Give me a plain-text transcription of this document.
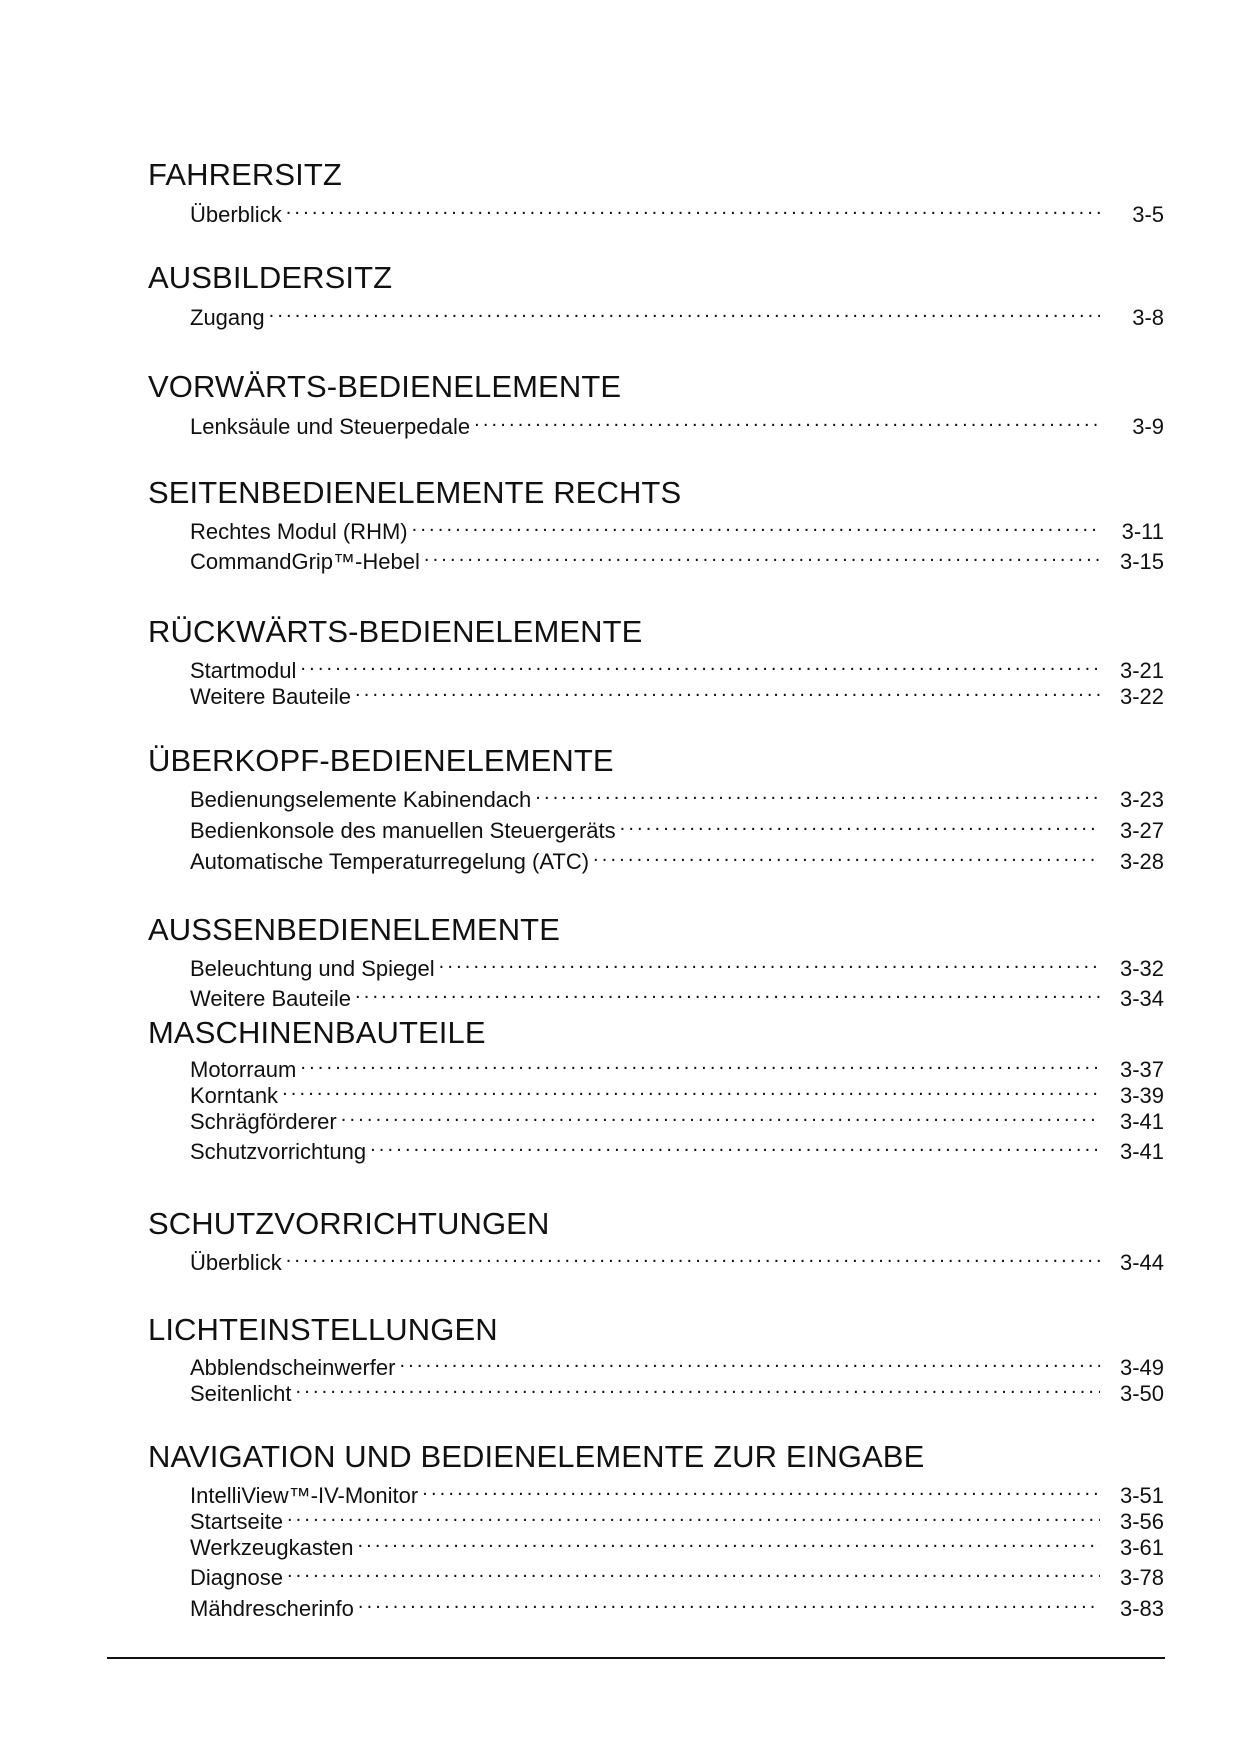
FAHRERSITZ
Überblick . . .	3-5
AUSBILDERSITZ
Zugang . . .	3-8
VORWÄRTS-BEDIENELEMENTE
Lenksäule und Steuerpedale . . .	3-9
SEITENBEDIENELEMENTE RECHTS
Rechtes Modul (RHM) . . .	3-11
CommandGrip™-Hebel . . .	3-15
RÜCKWÄRTS-BEDIENELEMENTE
Startmodul . . .	3-21
Weitere Bauteile . . .	3-22
ÜBERKOPF-BEDIENELEMENTE
Bedienungselemente Kabinendach . . .	3-23
Bedienkonsole des manuellen Steuergeräts . . .	3-27
Automatische Temperaturregelung (ATC) . . .	3-28
AUSSENBEDIENELEMENTE
Beleuchtung und Spiegel . . .	3-32
Weitere Bauteile . . .	3-34
MASCHINENBAUTEILE
Motorraum . . .	3-37
Korntank . . .	3-39
Schrägförderer . . .	3-41
Schutzvorrichtung . . .	3-41
SCHUTZVORRICHTUNGEN
Überblick . . .	3-44
LICHTEINSTELLUNGEN
Abblendscheinwerfer . . .	3-49
Seitenlicht . . .	3-50
NAVIGATION UND BEDIENELEMENTE ZUR EINGABE
IntelliView™-IV-Monitor . . .	3-51
Startseite . . .	3-56
Werkzeugkasten . . .	3-61
Diagnose . . .	3-78
Mähdrescherinfo . . .	3-83
